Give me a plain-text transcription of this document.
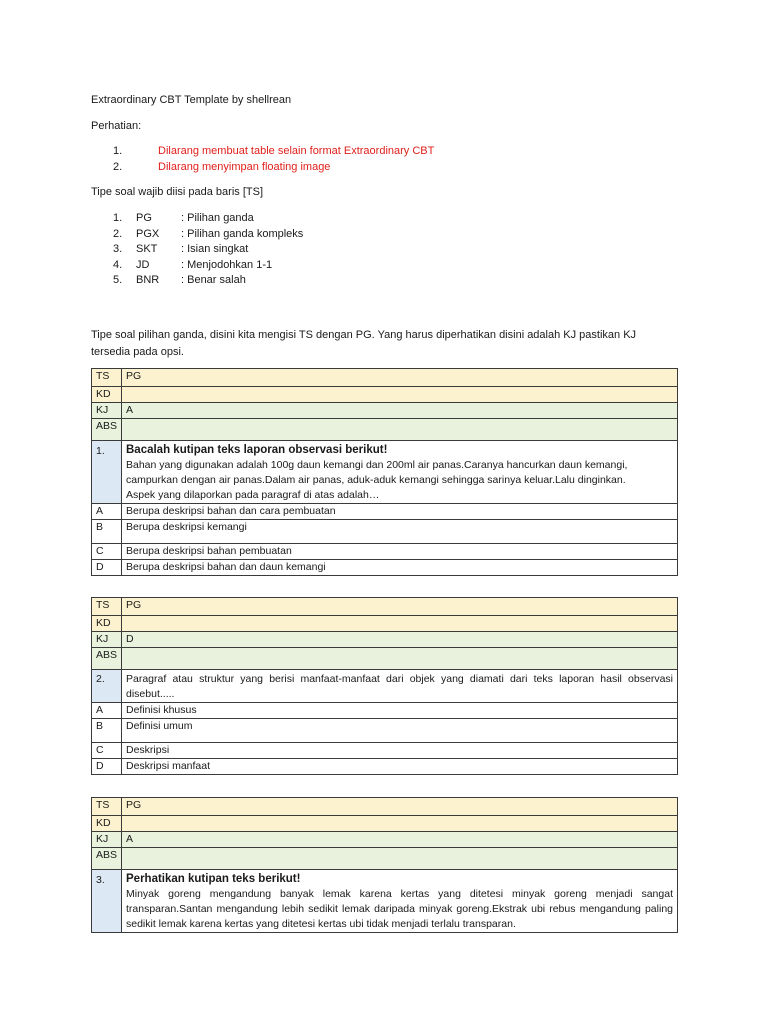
Extraordinary CBT Template by shellrean

Perhatian:

1.	Dilarang membuat table selain format Extraordinary CBT
2.	Dilarang menyimpan floating image

Tipe soal wajib diisi pada baris [TS]

1.	PG	: Pilihan ganda
2.	PGX : Pilihan ganda kompleks
3.	SKT : Isian singkat
4.	JD	: Menjodohkan 1-1
5.	BNR : Benar salah

Tipe soal pilihan ganda, disini kita mengisi TS dengan PG. Yang harus diperhatikan disini adalah KJ pastikan KJ tersedia pada opsi.

TS	PG
KD	
KJ	A
ABS	
1.	Bacalah kutipan teks laporan observasi berikut!
Bahan yang digunakan adalah 100g daun kemangi dan 200ml air panas.Caranya hancurkan daun kemangi, campurkan dengan air panas.Dalam air panas, aduk-aduk kemangi sehingga sarinya keluar.Lalu dinginkan.
Aspek yang dilaporkan pada paragraf di atas adalah…

A	Berupa deskripsi bahan dan cara pembuatan
B	Berupa deskripsi kemangi
C	Berupa deskripsi bahan pembuatan
D	Berupa deskripsi bahan dan daun kemangi
TS	PG
KD	
KJ	D
ABS	
2.	Paragraf atau struktur yang berisi manfaat-manfaat dari objek yang diamati dari teks laporan hasil observasi disebut.....
A	Definisi khusus
B	Definisi umum
C	Deskripsi
D	Deskripsi manfaat
TS	PG
KD	
KJ	A
ABS	
3.	Perhatikan kutipan teks berikut!
Minyak goreng mengandung banyak lemak karena kertas yang ditetesi minyak goreng menjadi sangat transparan.Santan mengandung lebih sedikit lemak daripada minyak goreng.Ekstrak ubi rebus mengandung paling sedikit lemak karena kertas yang ditetesi kertas ubi tidak menjadi terlalu transparan.
